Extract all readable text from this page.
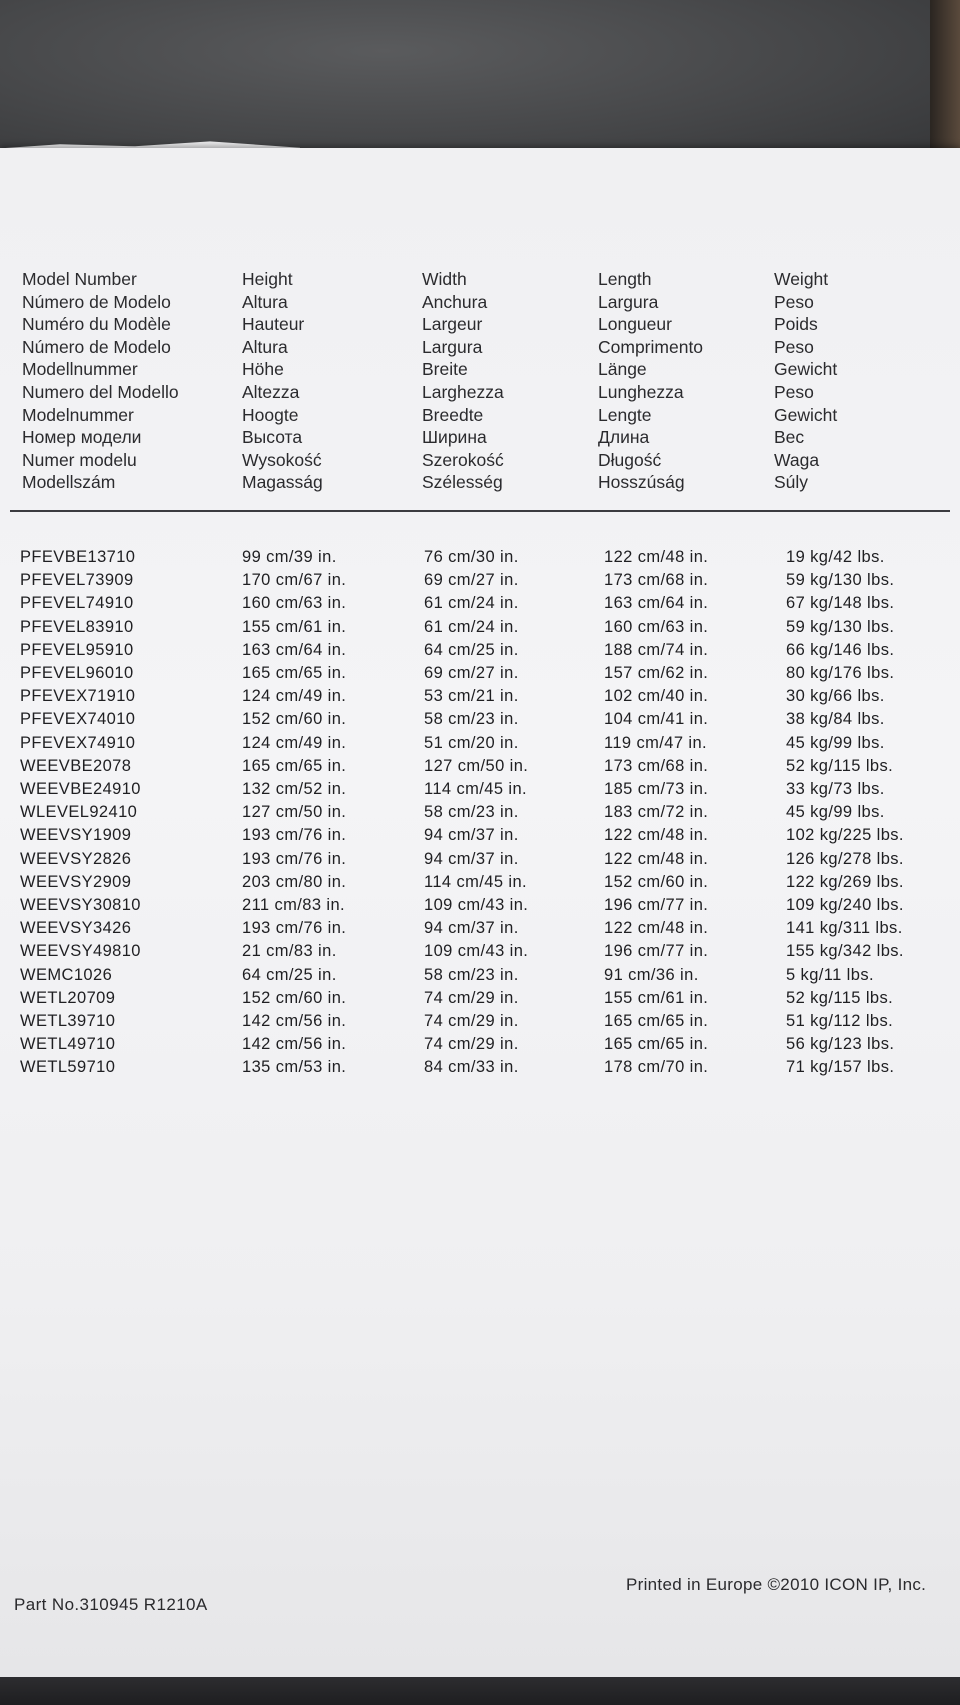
Model Number
Número de Modelo
Numéro du Modèle
Número de Modelo
Modellnummer
Numero del Modello
Modelnummer
Номер модели
Numer modelu
Modellszám
Height
Altura
Hauteur
Altura
Höhe
Altezza
Hoogte
Высота
Wysokość
Magasság
Width
Anchura
Largeur
Largura
Breite
Larghezza
Breedte
Ширина
Szerokość
Szélesség
Length
Largura
Longueur
Comprimento
Länge
Lunghezza
Lengte
Длина
Długość
Hosszúság
Weight
Peso
Poids
Peso
Gewicht
Peso
Gewicht
Bec
Waga
Súly
PFEVBE13710
PFEVEL73909
PFEVEL74910
PFEVEL83910
PFEVEL95910
PFEVEL96010
PFEVEX71910
PFEVEX74010
PFEVEX74910
WEEVBE2078
WEEVBE24910
WLEVEL92410
WEEVSY1909
WEEVSY2826
WEEVSY2909
WEEVSY30810
WEEVSY3426
WEEVSY49810
WEMC1026
WETL20709
WETL39710
WETL49710
WETL59710
99 cm/39 in.
170 cm/67 in.
160 cm/63 in.
155 cm/61 in.
163 cm/64 in.
165 cm/65 in.
124 cm/49 in.
152 cm/60 in.
124 cm/49 in.
165 cm/65 in.
132 cm/52 in.
127 cm/50 in.
193 cm/76 in.
193 cm/76 in.
203 cm/80 in.
211 cm/83 in.
193 cm/76 in.
21 cm/83 in.
64 cm/25 in.
152 cm/60 in.
142 cm/56 in.
142 cm/56 in.
135 cm/53 in.
76 cm/30 in.
69 cm/27 in.
61 cm/24 in.
61 cm/24 in.
64 cm/25 in.
69 cm/27 in.
53 cm/21 in.
58 cm/23 in.
51 cm/20 in.
127 cm/50 in.
114 cm/45 in.
58 cm/23 in.
94 cm/37 in.
94 cm/37 in.
114 cm/45 in.
109 cm/43 in.
94 cm/37 in.
109 cm/43 in.
58 cm/23 in.
74 cm/29 in.
74 cm/29 in.
74 cm/29 in.
84 cm/33 in.
122 cm/48 in.
173 cm/68 in.
163 cm/64 in.
160 cm/63 in.
188 cm/74 in.
157 cm/62 in.
102 cm/40 in.
104 cm/41 in.
119 cm/47 in.
173 cm/68 in.
185 cm/73 in.
183 cm/72 in.
122 cm/48 in.
122 cm/48 in.
152 cm/60 in.
196 cm/77 in.
122 cm/48 in.
196 cm/77 in.
91 cm/36 in.
155 cm/61 in.
165 cm/65 in.
165 cm/65 in.
178 cm/70 in.
19 kg/42 lbs.
59 kg/130 lbs.
67 kg/148 lbs.
59 kg/130 lbs.
66 kg/146 lbs.
80 kg/176 lbs.
30 kg/66 lbs.
38 kg/84 lbs.
45 kg/99 lbs.
52 kg/115 lbs.
33 kg/73 lbs.
45 kg/99 lbs.
102 kg/225 lbs.
126 kg/278 lbs.
122 kg/269 lbs.
109 kg/240 lbs.
141 kg/311 lbs.
155 kg/342 lbs.
5 kg/11 lbs.
52 kg/115 lbs.
51 kg/112 lbs.
56 kg/123 lbs.
71 kg/157 lbs.
Part No.310945 R1210A
Printed in Europe ©2010 ICON IP, Inc.
